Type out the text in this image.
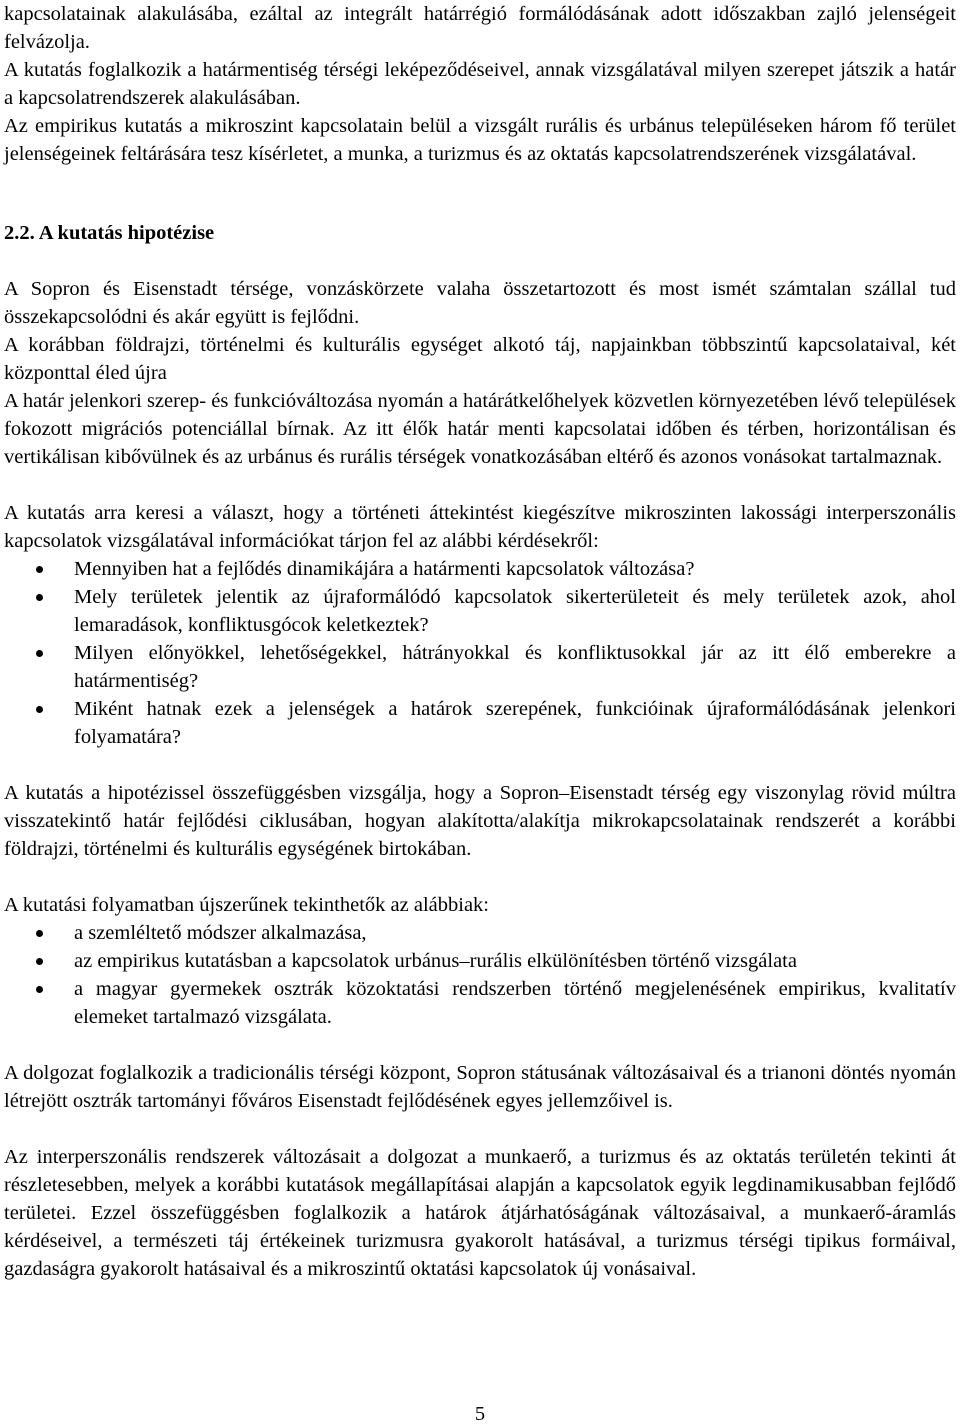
kapcsolatainak alakulásába, ezáltal az integrált határrégió formálódásának adott időszakban zajló jelenségeit felvázolja.

A kutatás foglalkozik a határmentiség térségi leképeződéseivel, annak vizsgálatával milyen szerepet játszik a határ a kapcsolatrendszerek alakulásában.

Az empirikus kutatás a mikroszint kapcsolatain belül a vizsgált rurális és urbánus településeken három fő terület jelenségeinek feltárására tesz kísérletet, a munka, a turizmus és az oktatás kapcsolatrendszerének vizsgálatával.

2.2. A kutatás hipotézise

A Sopron és Eisenstadt térsége, vonzáskörzete valaha összetartozott és most ismét számtalan szállal tud összekapcsolódni és akár együtt is fejlődni.

A korábban földrajzi, történelmi és kulturális egységet alkotó táj, napjainkban többszintű kapcsolataival, két központtal éled újra

A határ jelenkori szerep- és funkcióváltozása nyomán a határátkelőhelyek közvetlen környezetében lévő települések fokozott migrációs potenciállal bírnak. Az itt élők határ menti kapcsolatai időben és térben, horizontálisan és vertikálisan kibővülnek és az urbánus és rurális térségek vonatkozásában eltérő és azonos vonásokat tartalmaznak.

A kutatás arra keresi a választ, hogy a történeti áttekintést kiegészítve mikroszinten lakossági interperszonális kapcsolatok vizsgálatával információkat tárjon fel az alábbi kérdésekről:

Mennyiben hat a fejlődés dinamikájára a határmenti kapcsolatok változása?
Mely területek jelentik az újraformálódó kapcsolatok sikerterületeit és mely területek azok, ahol lemaradások, konfliktusgócok keletkeztek?
Milyen előnyökkel, lehetőségekkel, hátrányokkal és konfliktusokkal jár az itt élő emberekre a határmentiség?
Miként hatnak ezek a jelenségek a határok szerepének, funkcióinak újraformálódásának jelenkori folyamatára?

A kutatás a hipotézissel összefüggésben vizsgálja, hogy a Sopron–Eisenstadt térség egy viszonylag rövid múltra visszatekintő határ fejlődési ciklusában, hogyan alakította/alakítja mikrokapcsolatainak rendszerét a korábbi földrajzi, történelmi és kulturális egységének birtokában.

A kutatási folyamatban újszerűnek tekinthetők az alábbiak:

a szemléltető módszer alkalmazása,
az empirikus kutatásban a kapcsolatok urbánus–rurális elkülönítésben történő vizsgálata
a magyar gyermekek osztrák közoktatási rendszerben történő megjelenésének empirikus, kvalitatív elemeket tartalmazó vizsgálata.

A dolgozat foglalkozik a tradicionális térségi központ, Sopron státusának változásaival és a trianoni döntés nyomán létrejött osztrák tartományi főváros Eisenstadt fejlődésének egyes jellemzőivel is.

Az interperszonális rendszerek változásait a dolgozat a munkaerő, a turizmus és az oktatás területén tekinti át részletesebben, melyek a korábbi kutatások megállapításai alapján a kapcsolatok egyik legdinamikusabban fejlődő területei. Ezzel összefüggésben foglalkozik a határok átjárhatóságának változásaival, a munkaerő-áramlás kérdéseivel, a természeti táj értékeinek turizmusra gyakorolt hatásával, a turizmus térségi tipikus formáival, gazdaságra gyakorolt hatásaival és a mikroszintű oktatási kapcsolatok új vonásaival.

5
